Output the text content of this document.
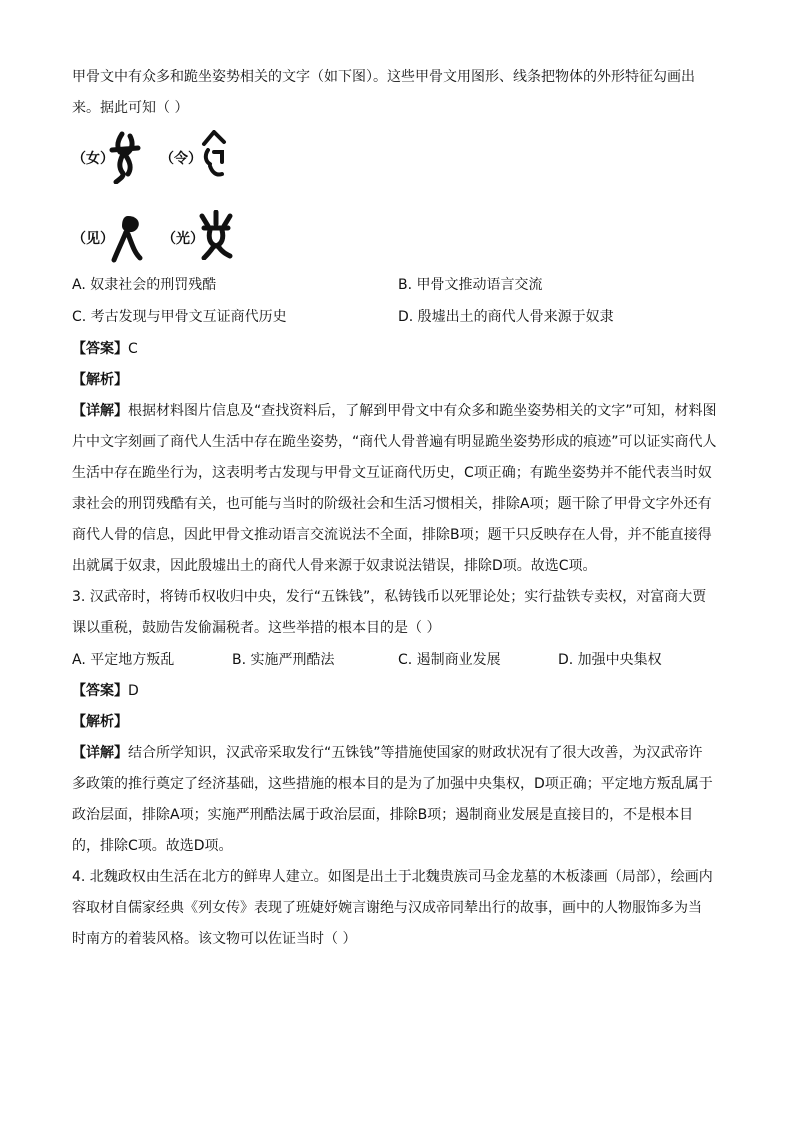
甲骨文中有众多和跪坐姿势相关的文字（如下图）。这些甲骨文用图形、线条把物体的外形特征勾画出
来。据此可知（ ）
（女）	（令）
（见）	（光）
A. 奴隶社会的刑罚残酷	B. 甲骨文推动语言交流
C. 考古发现与甲骨文互证商代历史	D. 殷墟出土的商代人骨来源于奴隶
【答案】C
【解析】
【详解】根据材料图片信息及“查找资料后，了解到甲骨文中有众多和跪坐姿势相关的文字”可知，材料图
片中文字刻画了商代人生活中存在跪坐姿势，“商代人骨普遍有明显跪坐姿势形成的痕迹”可以证实商代人
生活中存在跪坐行为，这表明考古发现与甲骨文互证商代历史，C项正确；有跪坐姿势并不能代表当时奴
隶社会的刑罚残酷有关，也可能与当时的阶级社会和生活习惯相关，排除A项；题干除了甲骨文字外还有
商代人骨的信息，因此甲骨文推动语言交流说法不全面，排除B项；题干只反映存在人骨，并不能直接得
出就属于奴隶，因此殷墟出土的商代人骨来源于奴隶说法错误，排除D项。故选C项。
3. 汉武帝时，将铸币权收归中央，发行“五铢钱”，私铸钱币以死罪论处；实行盐铁专卖权，对富商大贾
课以重税，鼓励告发偷漏税者。这些举措的根本目的是（ ）
A. 平定地方叛乱	B. 实施严刑酷法	C. 遏制商业发展	D. 加强中央集权
【答案】D
【解析】
【详解】结合所学知识，汉武帝采取发行“五铢钱”等措施使国家的财政状况有了很大改善，为汉武帝许
多政策的推行奠定了经济基础，这些措施的根本目的是为了加强中央集权，D项正确；平定地方叛乱属于
政治层面，排除A项；实施严刑酷法属于政治层面，排除B项；遏制商业发展是直接目的，不是根本目
的，排除C项。故选D项。
4. 北魏政权由生活在北方的鲜卑人建立。如图是出土于北魏贵族司马金龙墓的木板漆画（局部），绘画内
容取材自儒家经典《列女传》表现了班婕妤婉言谢绝与汉成帝同辇出行的故事，画中的人物服饰多为当
时南方的着装风格。该文物可以佐证当时（ ）
